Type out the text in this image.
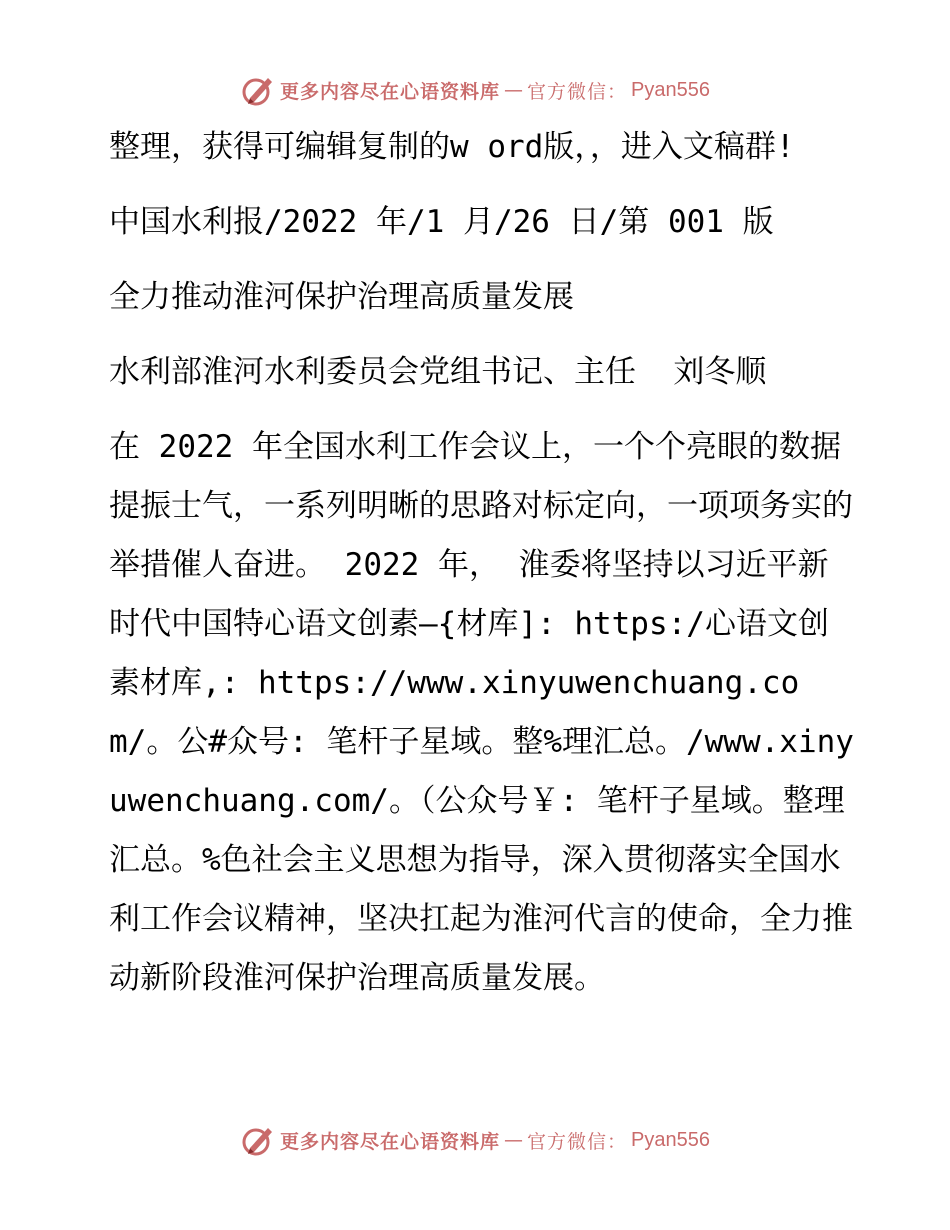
更多内容尽在心语资料库 — 官方微信： Pyan556

整理，获得可编辑复制的w ord版，，进入文稿群!

中国水利报/2022 年/1 月/26 日/第 001 版

全力推动淮河保护治理高质量发展

水利部淮河水利委员会党组书记、主任  刘冬顺

在 2022 年全国水利工作会议上，一个个亮眼的数据提振士气，一系列明晰的思路对标定向，一项项务实的举措催人奋进。 2022 年， 淮委将坚持以习近平新时代中国特心语文创素—{材库]: https:/心语文创素材库,: https://www.xinyuwenchuang.com/。公#众号: 笔杆子星域。整%理汇总。/www.xinyuwenchuang.com/。（公众号￥: 笔杆子星域。整理汇总。%色社会主义思想为指导，深入贯彻落实全国水利工作会议精神，坚决扛起为淮河代言的使命，全力推动新阶段淮河保护治理高质量发展。

更多内容尽在心语资料库 — 官方微信： Pyan556
